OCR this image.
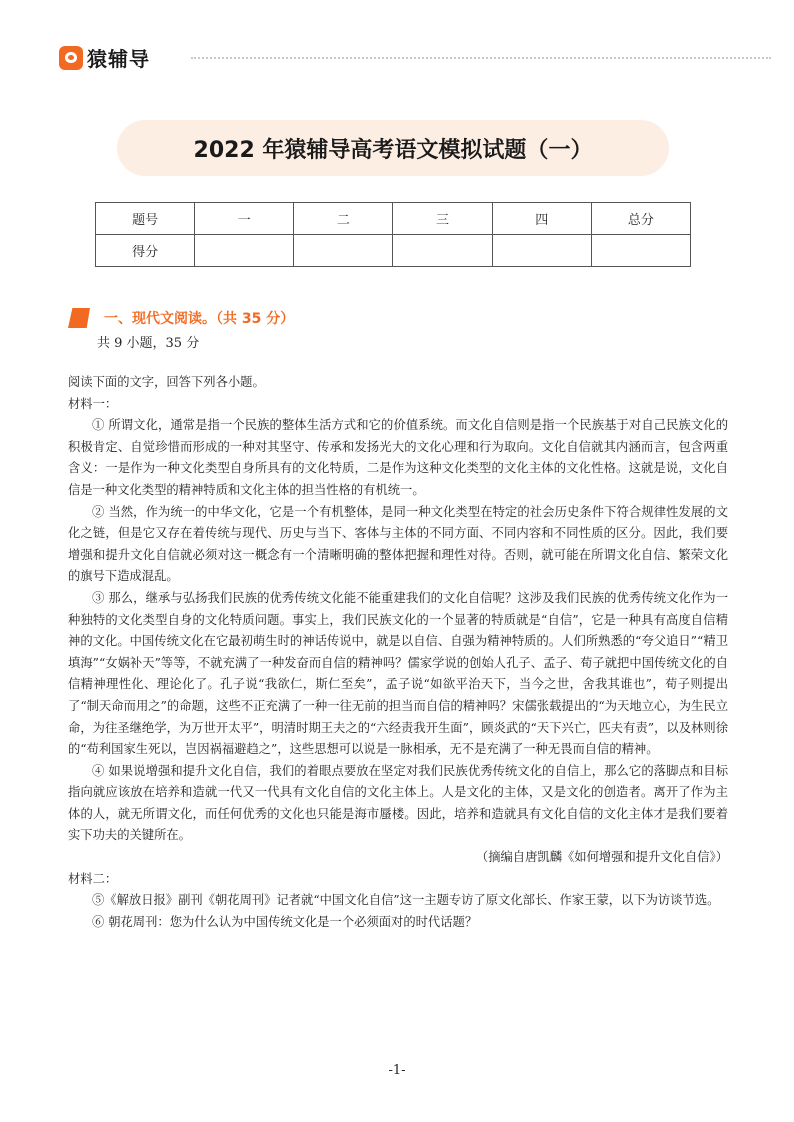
猿辅导
2022 年猿辅导高考语文模拟试题（一）
题号	一	二	三	四	总分
得分					
一、现代文阅读。（共 35 分）
共 9 小题，35 分

阅读下面的文字，回答下列各小题。

材料一：

① 所谓文化，通常是指一个民族的整体生活方式和它的价值系统。而文化自信则是指一个民族基于对自己民族文化的积极肯定、自觉珍惜而形成的一种对其坚守、传承和发扬光大的文化心理和行为取向。文化自信就其内涵而言，包含两重含义：一是作为一种文化类型自身所具有的文化特质，二是作为这种文化类型的文化主体的文化性格。这就是说，文化自信是一种文化类型的精神特质和文化主体的担当性格的有机统一。

② 当然，作为统一的中华文化，它是一个有机整体，是同一种文化类型在特定的社会历史条件下符合规律性发展的文化之链，但是它又存在着传统与现代、历史与当下、客体与主体的不同方面、不同内容和不同性质的区分。因此，我们要增强和提升文化自信就必须对这一概念有一个清晰明确的整体把握和理性对待。否则，就可能在所谓文化自信、繁荣文化的旗号下造成混乱。

③ 那么，继承与弘扬我们民族的优秀传统文化能不能重建我们的文化自信呢？这涉及我们民族的优秀传统文化作为一种独特的文化类型自身的文化特质问题。事实上，我们民族文化的一个显著的特质就是“自信”，它是一种具有高度自信精神的文化。中国传统文化在它最初萌生时的神话传说中，就是以自信、自强为精神特质的。人们所熟悉的“夸父追日”“精卫填海”“女娲补天”等等，不就充满了一种发奋而自信的精神吗？儒家学说的创始人孔子、孟子、荀子就把中国传统文化的自信精神理性化、理论化了。孔子说“我欲仁，斯仁至矣”，孟子说“如欲平治天下，当今之世，舍我其谁也”，荀子则提出了“制天命而用之”的命题，这些不正充满了一种一往无前的担当而自信的精神吗？宋儒张载提出的“为天地立心，为生民立命，为往圣继绝学，为万世开太平”，明清时期王夫之的“六经责我开生面”，顾炎武的“天下兴亡，匹夫有责”，以及林则徐的“苟利国家生死以，岂因祸福避趋之”，这些思想可以说是一脉相承，无不是充满了一种无畏而自信的精神。

④ 如果说增强和提升文化自信，我们的着眼点要放在坚定对我们民族优秀传统文化的自信上，那么它的落脚点和目标指向就应该放在培养和造就一代又一代具有文化自信的文化主体上。人是文化的主体，又是文化的创造者。离开了作为主体的人，就无所谓文化，而任何优秀的文化也只能是海市蜃楼。因此，培养和造就具有文化自信的文化主体才是我们要着实下功夫的关键所在。

（摘编自唐凯麟《如何增强和提升文化自信》）

材料二：

⑤《解放日报》副刊《朝花周刊》记者就“中国文化自信”这一主题专访了原文化部长、作家王蒙，以下为访谈节选。

⑥ 朝花周刊：您为什么认为中国传统文化是一个必须面对的时代话题？

-1-
